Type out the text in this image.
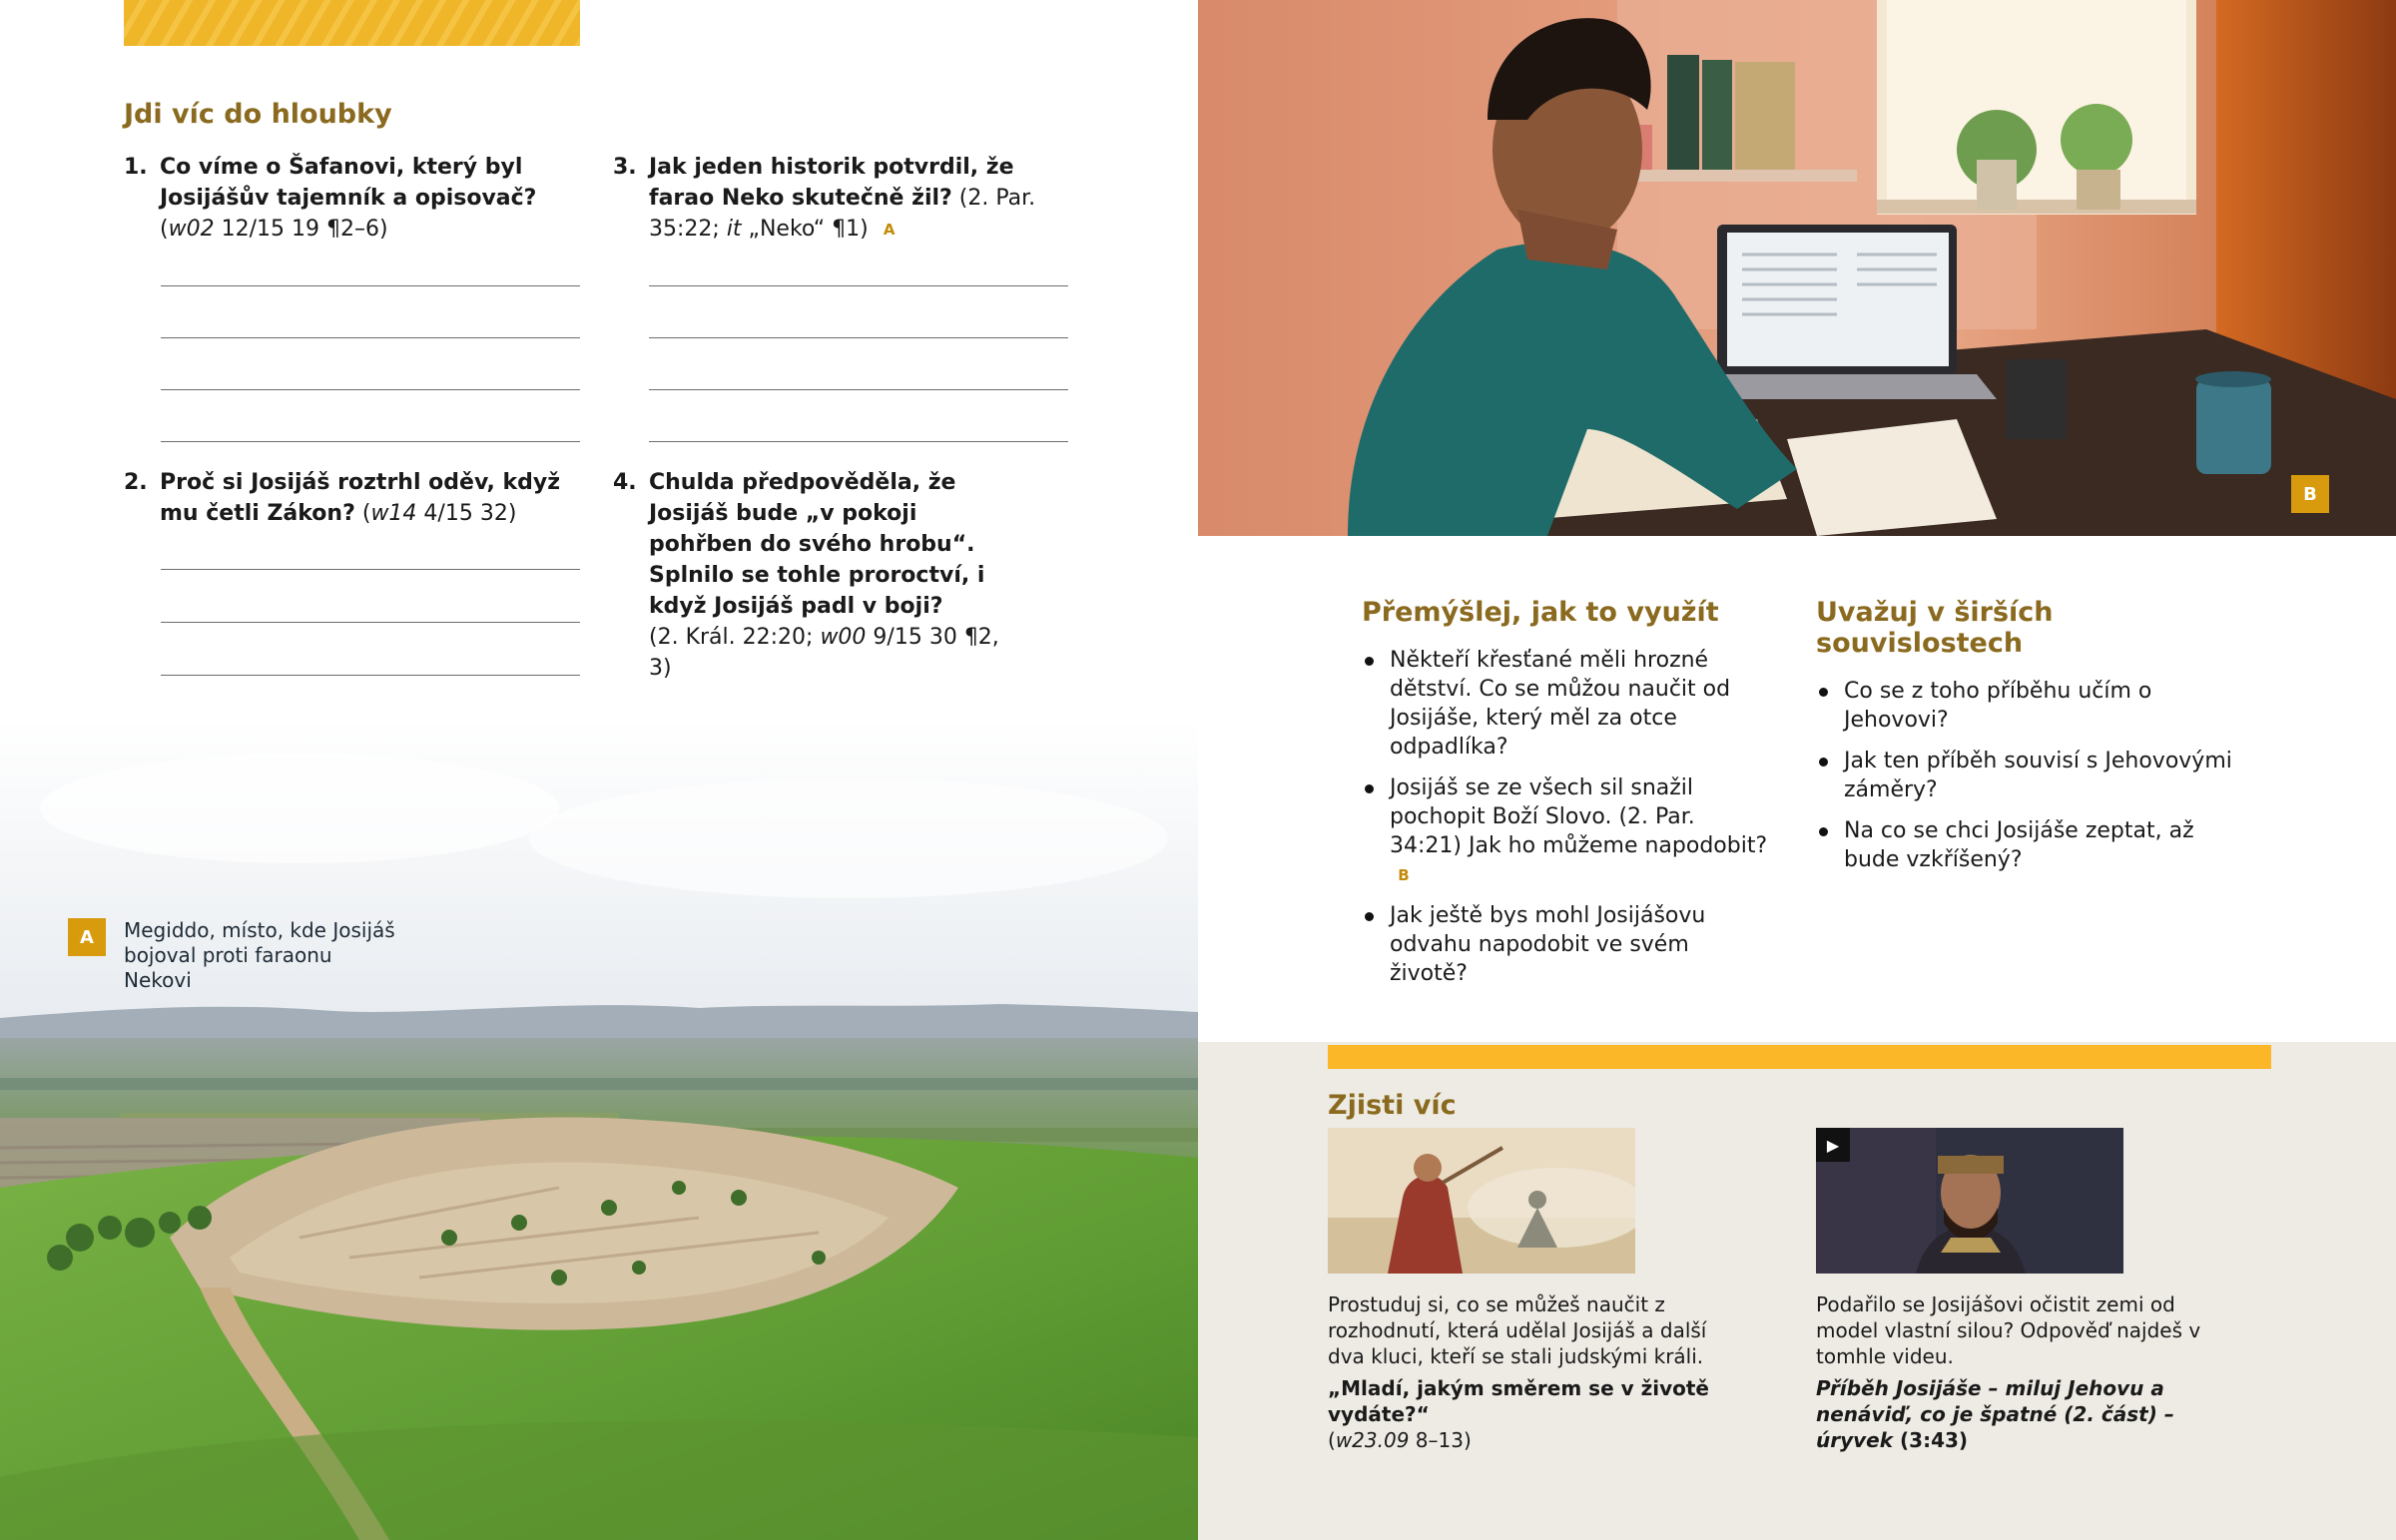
Jdi víc do hloubky
1. Co víme o Šafanovi, který byl Josijášův tajemník a opisovač? (w02 12/15 19 ¶2–6)
2. Proč si Josijáš roztrhl oděv, když mu četli Zákon? (w14 4/15 32)
3. Jak jeden historik potvrdil, že farao Neko skutečně žil? (2. Par. 35:22; it „Neko“ ¶1) A
4. Chulda předpověděla, že Josijáš bude „v pokoji pohřben do svého hrobu“. Splnilo se tohle proroctví, i když Josijáš padl v boji?
(2. Král. 22:20; w00 9/15 30 ¶2, 3)
A	Megiddo, místo, kde Josijáš bojoval proti faraonu Nekovi
B
Přemýšlej, jak to využít
Někteří křesťané měli hrozné dětství. Co se můžou naučit od Josijáše, který měl za otce odpadlíka?
Josijáš se ze všech sil snažil pochopit Boží Slovo. (2. Par. 34:21) Jak ho můžeme napodobit?B
Jak ještě bys mohl Josijášovu odvahu napodobit ve svém životě?
Uvažuj v širších souvislostech
Co se z toho příběhu učím o Jehovovi?
Jak ten příběh souvisí s Jehovovými záměry?
Na co se chci Josijáše zeptat, až bude vzkříšený?
Zjisti víc

Prostuduj si, co se můžeš naučit z rozhodnutí, která udělal Josijáš a další dva kluci, kteří se stali judskými králi.

„Mladí, jakým směrem se v životě vydáte?“
(w23.09 8–13)
▶

Podařilo se Josijášovi očistit zemi od model vlastní silou? Odpověď najdeš v tomhle videu.

Příběh Josijáše – miluj Jehovu a nenáviď, co je špatné (2. část) – úryvek (3:43)
